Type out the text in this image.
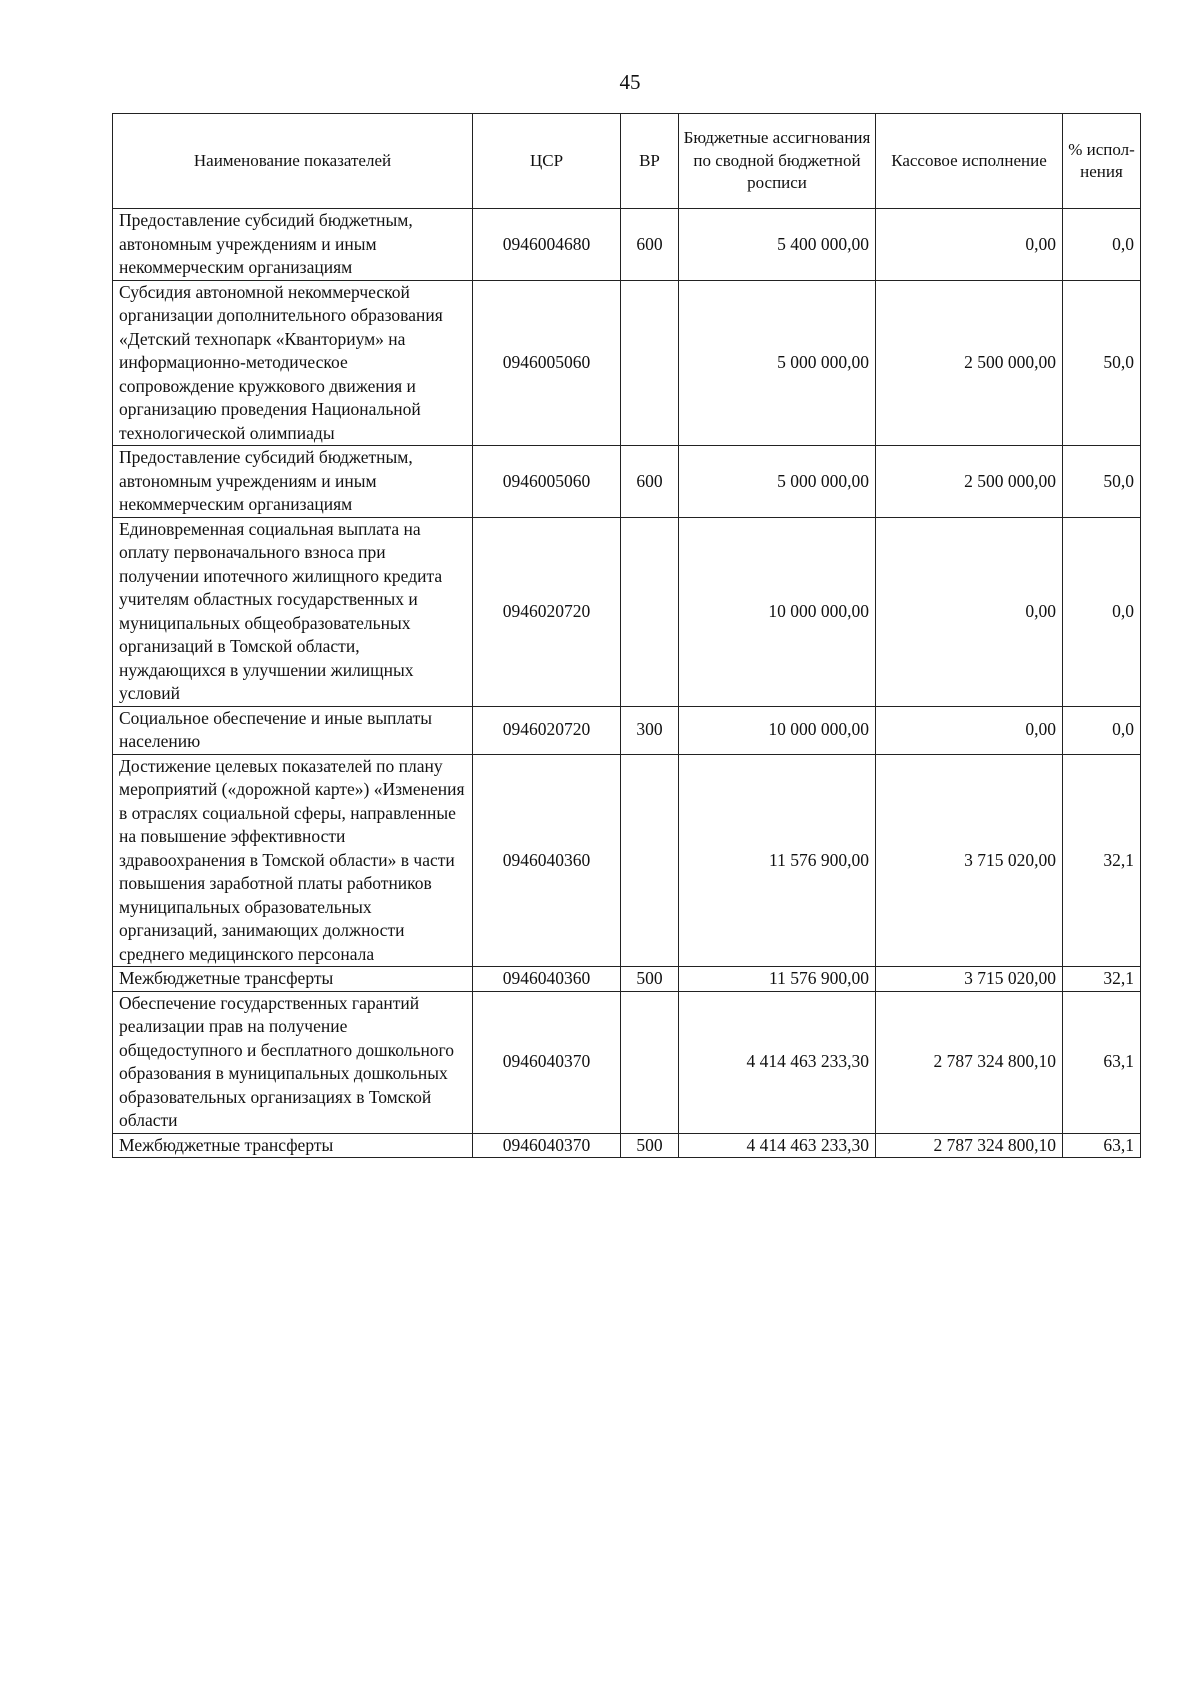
45
Наименование показателей	ЦСР	ВР	Бюджетные ассигнования по сводной бюджетной росписи	Кассовое исполнение	% испол-нения
Предоставление субсидий бюджетным, автономным учреждениям и иным некоммерческим организациям	0946004680	600	5 400 000,00	0,00	0,0
Субсидия автономной некоммерческой организации дополнительного образования «Детский технопарк «Кванториум» на информационно-методическое сопровождение кружкового движения и организацию проведения Национальной технологической олимпиады	0946005060		5 000 000,00	2 500 000,00	50,0
Предоставление субсидий бюджетным, автономным учреждениям и иным некоммерческим организациям	0946005060	600	5 000 000,00	2 500 000,00	50,0
Единовременная социальная выплата на оплату первоначального взноса при получении ипотечного жилищного кредита учителям областных государственных и муниципальных общеобразовательных организаций в Томской области, нуждающихся в улучшении жилищных условий	0946020720		10 000 000,00	0,00	0,0
Социальное обеспечение и иные выплаты населению	0946020720	300	10 000 000,00	0,00	0,0
Достижение целевых показателей по плану мероприятий («дорожной карте») «Изменения в отраслях социальной сферы, направленные на повышение эффективности здравоохранения в Томской области» в части повышения заработной платы работников муниципальных образовательных организаций, занимающих должности среднего медицинского персонала	0946040360		11 576 900,00	3 715 020,00	32,1
Межбюджетные трансферты	0946040360	500	11 576 900,00	3 715 020,00	32,1
Обеспечение государственных гарантий реализации прав на получение общедоступного и бесплатного дошкольного образования в муниципальных дошкольных образовательных организациях в Томской области	0946040370		4 414 463 233,30	2 787 324 800,10	63,1
Межбюджетные трансферты	0946040370	500	4 414 463 233,30	2 787 324 800,10	63,1
